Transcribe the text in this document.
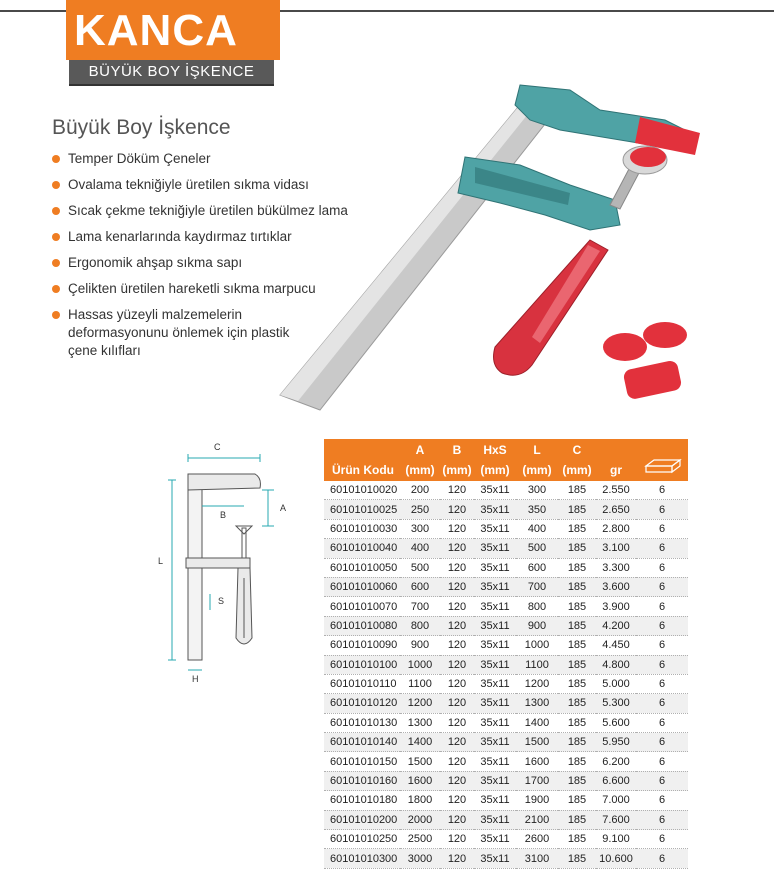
KANCA
BÜYÜK BOY İŞKENCE
Büyük Boy İşkence
Temper Döküm Çeneler
Ovalama tekniğiyle üretilen sıkma vidası
Sıcak çekme tekniğiyle üretilen bükülmez lama
Lama kenarlarında kaydırmaz tırtıklar
Ergonomik ahşap sıkma sapı
Çelikten üretilen hareketli sıkma marpucu
Hassas yüzeyli malzemelerin deformasyonunu önlemek için plastik çene kılıfları
C
A
B
L
S
H
	A	B	HxS	L	C		
Ürün Kodu	(mm)	(mm)	(mm)	(mm)	(mm)	gr	
60101010020	200	120	35x11	300	185	2.550	6
60101010025	250	120	35x11	350	185	2.650	6
60101010030	300	120	35x11	400	185	2.800	6
60101010040	400	120	35x11	500	185	3.100	6
60101010050	500	120	35x11	600	185	3.300	6
60101010060	600	120	35x11	700	185	3.600	6
60101010070	700	120	35x11	800	185	3.900	6
60101010080	800	120	35x11	900	185	4.200	6
60101010090	900	120	35x11	1000	185	4.450	6
60101010100	1000	120	35x11	1100	185	4.800	6
60101010110	1100	120	35x11	1200	185	5.000	6
60101010120	1200	120	35x11	1300	185	5.300	6
60101010130	1300	120	35x11	1400	185	5.600	6
60101010140	1400	120	35x11	1500	185	5.950	6
60101010150	1500	120	35x11	1600	185	6.200	6
60101010160	1600	120	35x11	1700	185	6.600	6
60101010180	1800	120	35x11	1900	185	7.000	6
60101010200	2000	120	35x11	2100	185	7.600	6
60101010250	2500	120	35x11	2600	185	9.100	6
60101010300	3000	120	35x11	3100	185	10.600	6
